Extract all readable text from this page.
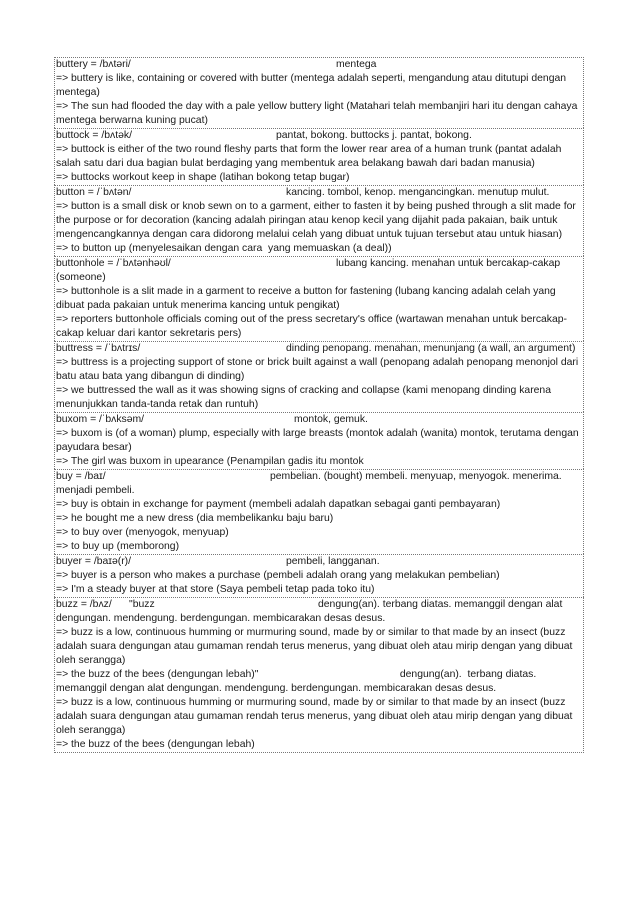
buttery = /bʌtəri/	mentega
=> buttery is like, containing or covered with butter (mentega adalah seperti, mengandung atau ditutupi dengan mentega)
=> The sun had flooded the day with a pale yellow buttery light (Matahari telah membanjiri hari itu dengan cahaya mentega berwarna kuning pucat)
buttock = /bʌtək/	pantat, bokong. buttocks j. pantat, bokong.
=> buttock is either of the two round fleshy parts that form the lower rear area of a human trunk (pantat adalah salah satu dari dua bagian bulat berdaging yang membentuk area belakang bawah dari badan manusia)
=> buttocks workout keep in shape (latihan bokong tetap bugar)
button = /ˈbʌtən/	kancing. tombol, kenop. mengancingkan. menutup mulut.
=> button is a small disk or knob sewn on to a garment, either to fasten it by being pushed through a slit made for the purpose or for decoration (kancing adalah piringan atau kenop kecil yang dijahit pada pakaian, baik untuk mengencangkannya dengan cara didorong melalui celah yang dibuat untuk tujuan tersebut atau untuk hiasan)
=> to button up (menyelesaikan dengan cara  yang memuaskan (a deal))
buttonhole = /ˈbʌtənhəʊl/	lubang kancing. menahan untuk bercakap-cakap (someone)
=> buttonhole is a slit made in a garment to receive a button for fastening (lubang kancing adalah celah yang dibuat pada pakaian untuk menerima kancing untuk pengikat)
=> reporters buttonhole officials coming out of the press secretary's office (wartawan menahan untuk bercakap-cakap keluar dari kantor sekretaris pers)
buttress = /ˈbʌtrɪs/	dinding penopang. menahan, menunjang (a wall, an argument)
=> buttress is a projecting support of stone or brick built against a wall (penopang adalah penopang menonjol dari batu atau bata yang dibangun di dinding)
=> we buttressed the wall as it was showing signs of cracking and collapse (kami menopang dinding karena menunjukkan tanda-tanda retak dan runtuh)
buxom = /ˈbʌksəm/	montok, gemuk.
=> buxom is (of a woman) plump, especially with large breasts (montok adalah (wanita) montok, terutama dengan payudara besar)
=> The girl was buxom in upearance (Penampilan gadis itu montok
buy = /baɪ/	pembelian. (bought) membeli. menyuap, menyogok. menerima. menjadi pembeli.
=> buy is obtain in exchange for payment (membeli adalah dapatkan sebagai ganti pembayaran)
=> he bought me a new dress (dia membelikanku baju baru)
=> to buy over (menyogok, menyuap)
=> to buy up (memborong)
buyer = /baɪə(r)/	pembeli, langganan.
=> buyer is a person who makes a purchase (pembeli adalah orang yang melakukan pembelian)
=> I'm a steady buyer at that store (Saya pembeli tetap pada toko itu)
buzz = /bʌz/      "buzz	dengung(an). terbang diatas. memanggil dengan alat dengungan. mendengung. berdengungan. membicarakan desas desus.
=> buzz is a low, continuous humming or murmuring sound, made by or similar to that made by an insect (buzz adalah suara dengungan atau gumaman rendah terus menerus, yang dibuat oleh atau mirip dengan yang dibuat oleh serangga)
=> the buzz of the bees (dengungan lebah)"                                                 dengung(an).  terbang diatas. memanggil dengan alat dengungan. mendengung. berdengungan. membicarakan desas desus.
=> buzz is a low, continuous humming or murmuring sound, made by or similar to that made by an insect (buzz adalah suara dengungan atau gumaman rendah terus menerus, yang dibuat oleh atau mirip dengan yang dibuat oleh serangga)
=> the buzz of the bees (dengungan lebah)
